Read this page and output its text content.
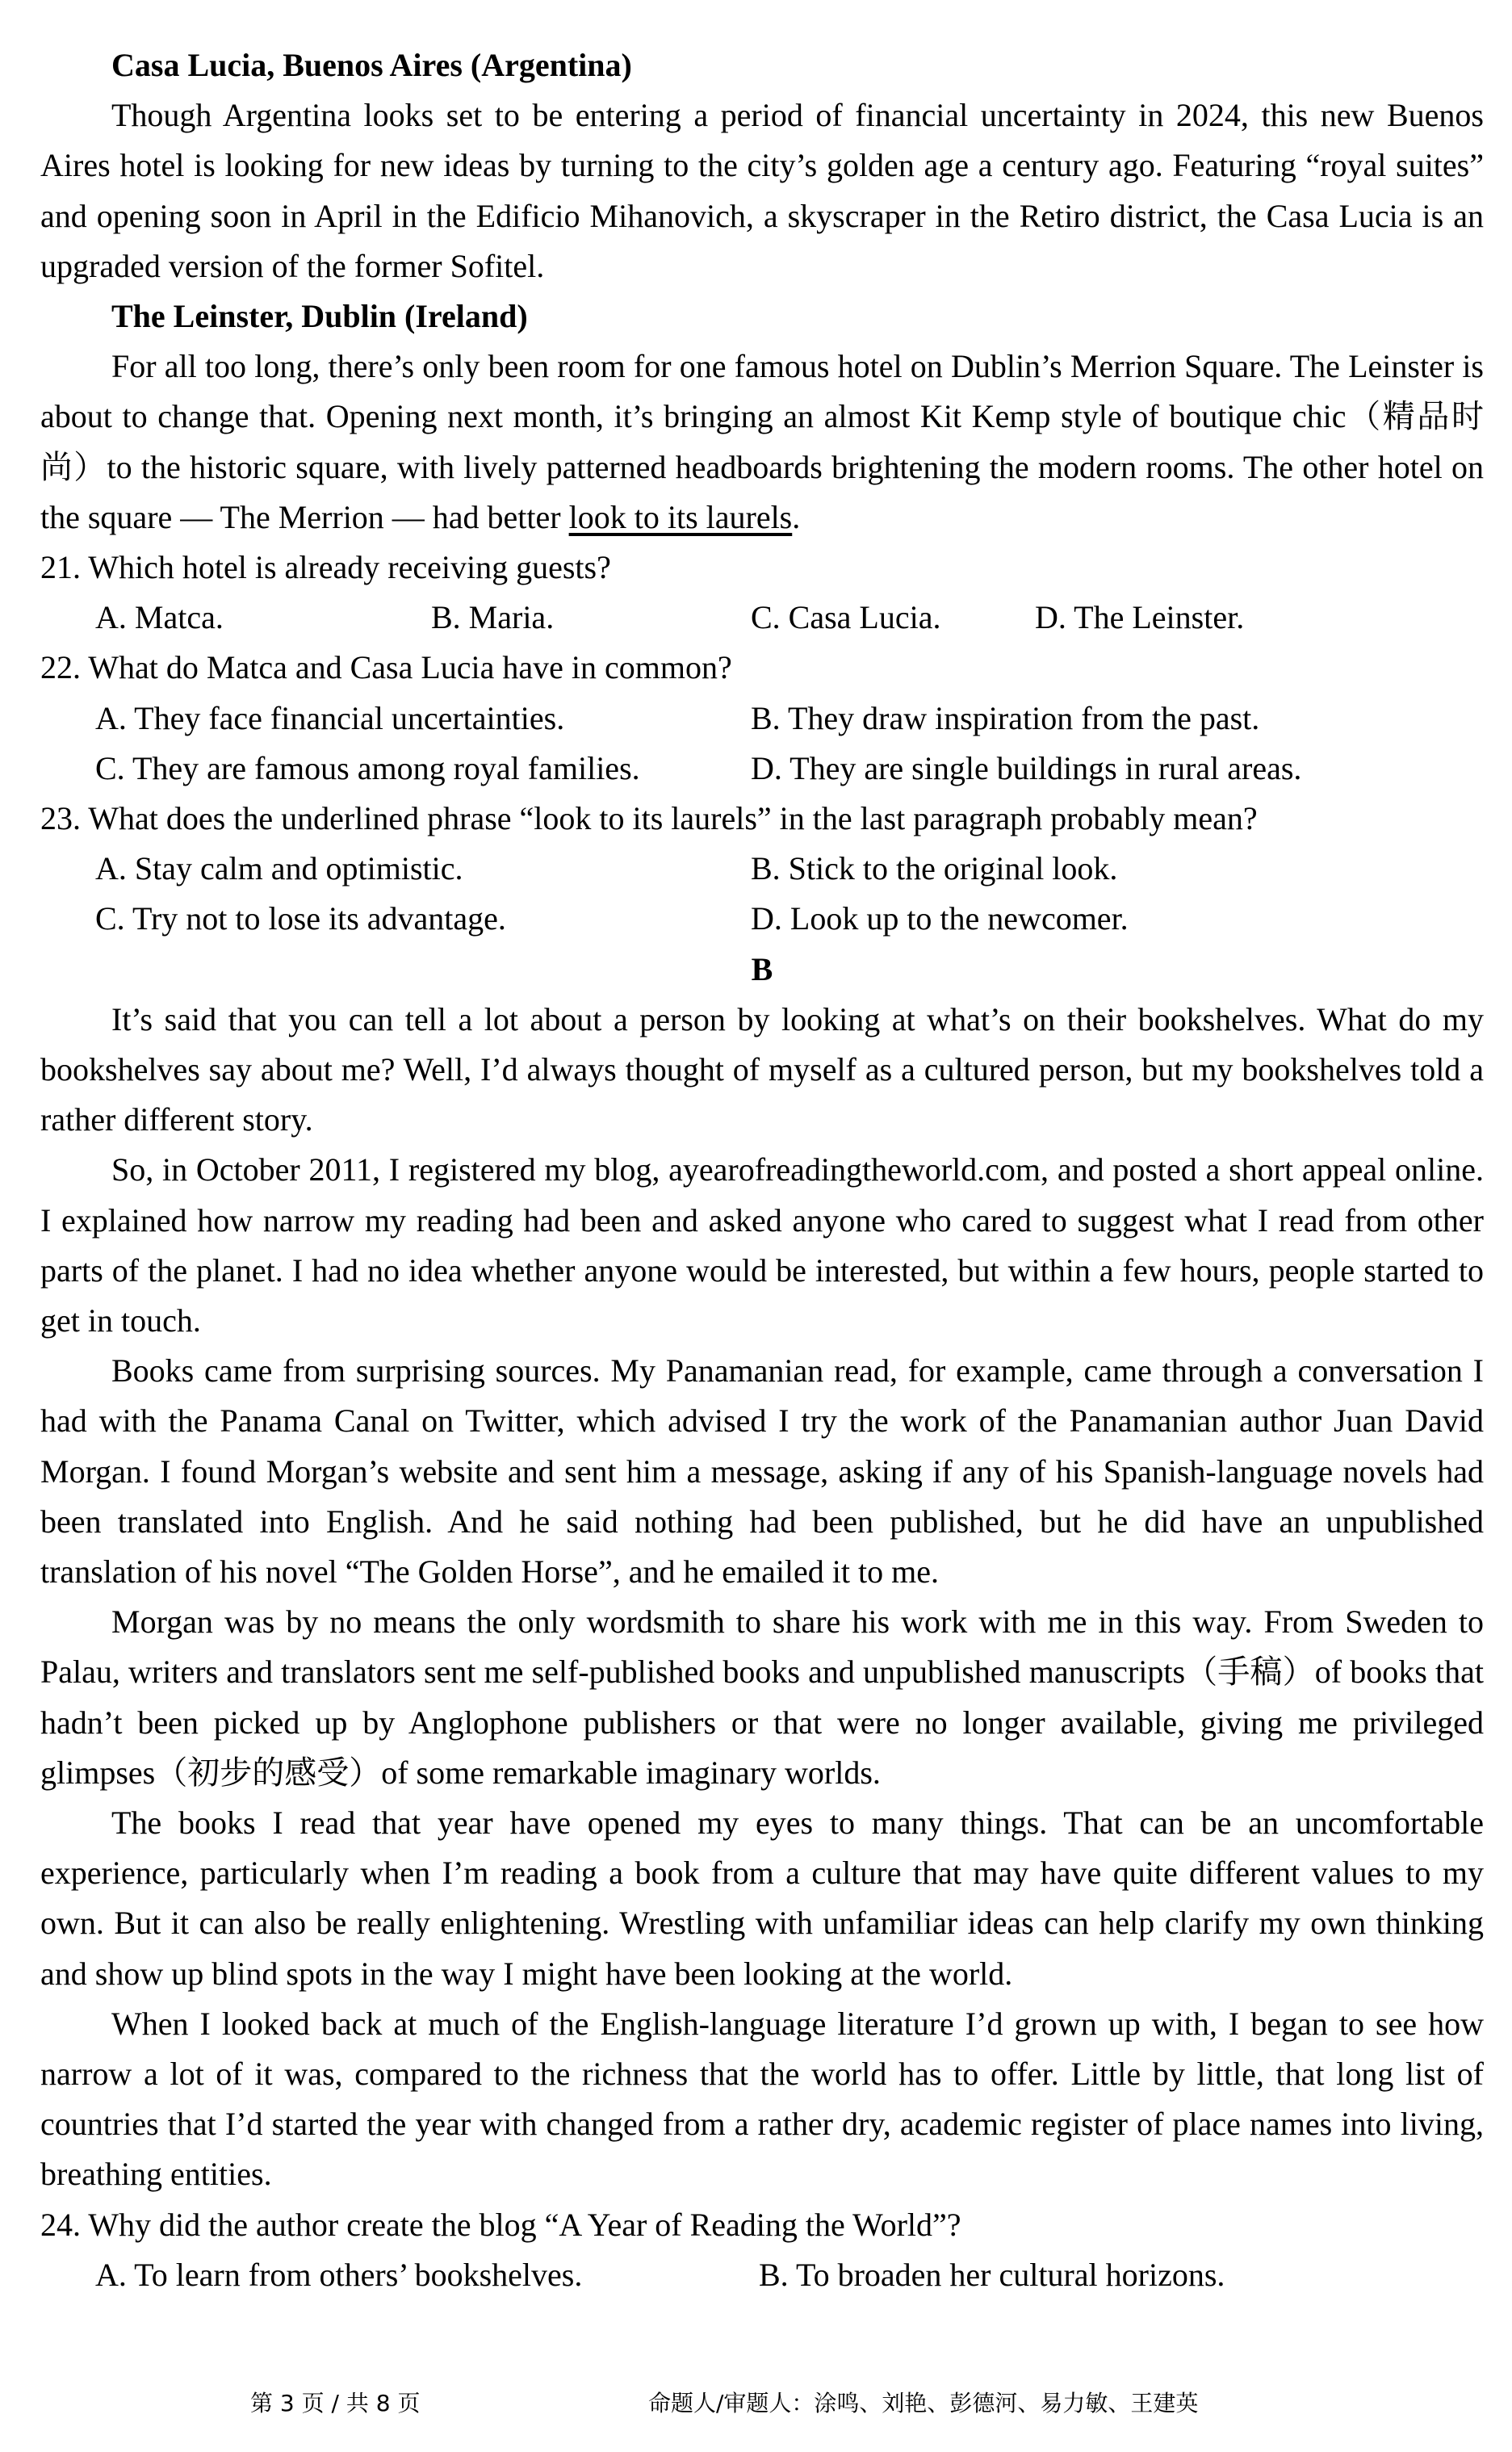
Casa Lucia, Buenos Aires (Argentina)

Though Argentina looks set to be entering a period of financial uncertainty in 2024, this new Buenos Aires hotel is looking for new ideas by turning to the city’s golden age a century ago. Featuring “royal suites” and opening soon in April in the Edificio Mihanovich, a skyscraper in the Retiro district, the Casa Lucia is an upgraded version of the former Sofitel.

The Leinster, Dublin (Ireland)

For all too long, there’s only been room for one famous hotel on Dublin’s Merrion Square. The Leinster is about to change that. Opening next month, it’s bringing an almost Kit Kemp style of boutique chic（精品时尚）to the historic square, with lively patterned headboards brightening the modern rooms. The other hotel on the square — The Merrion — had better look to its laurels.

21. Which hotel is already receiving guests?
A. Matca.	B. Maria.	C. Casa Lucia.	D. The Leinster.
22. What do Matca and Casa Lucia have in common?
A. They face financial uncertainties.	B. They draw inspiration from the past.
C. They are famous among royal families.	D. They are single buildings in rural areas.
23. What does the underlined phrase “look to its laurels” in the last paragraph probably mean?
A. Stay calm and optimistic.	B. Stick to the original look.
C. Try not to lose its advantage.	D. Look up to the newcomer.
B

It’s said that you can tell a lot about a person by looking at what’s on their bookshelves. What do my bookshelves say about me? Well, I’d always thought of myself as a cultured person, but my bookshelves told a rather different story.

So, in October 2011, I registered my blog, ayearofreadingtheworld.com, and posted a short appeal online. I explained how narrow my reading had been and asked anyone who cared to suggest what I read from other parts of the planet. I had no idea whether anyone would be interested, but within a few hours, people started to get in touch.

Books came from surprising sources. My Panamanian read, for example, came through a conversation I had with the Panama Canal on Twitter, which advised I try the work of the Panamanian author Juan David Morgan. I found Morgan’s website and sent him a message, asking if any of his Spanish-language novels had been translated into English. And he said nothing had been published, but he did have an unpublished translation of his novel “The Golden Horse”, and he emailed it to me.

Morgan was by no means the only wordsmith to share his work with me in this way. From Sweden to Palau, writers and translators sent me self-published books and unpublished manuscripts（手稿）of books that hadn’t been picked up by Anglophone publishers or that were no longer available, giving me privileged glimpses（初步的感受）of some remarkable imaginary worlds.

The books I read that year have opened my eyes to many things. That can be an uncomfortable experience, particularly when I’m reading a book from a culture that may have quite different values to my own. But it can also be really enlightening. Wrestling with unfamiliar ideas can help clarify my own thinking and show up blind spots in the way I might have been looking at the world.

When I looked back at much of the English-language literature I’d grown up with, I began to see how narrow a lot of it was, compared to the richness that the world has to offer. Little by little, that long list of countries that I’d started the year with changed from a rather dry, academic register of place names into living, breathing entities.

24. Why did the author create the blog “A Year of Reading the World”?
A. To learn from others’ bookshelves.	B. To broaden her cultural horizons.
第 3 页 / 共 8 页	命题人/审题人：涂鸣、刘艳、彭德河、易力敏、王建英
